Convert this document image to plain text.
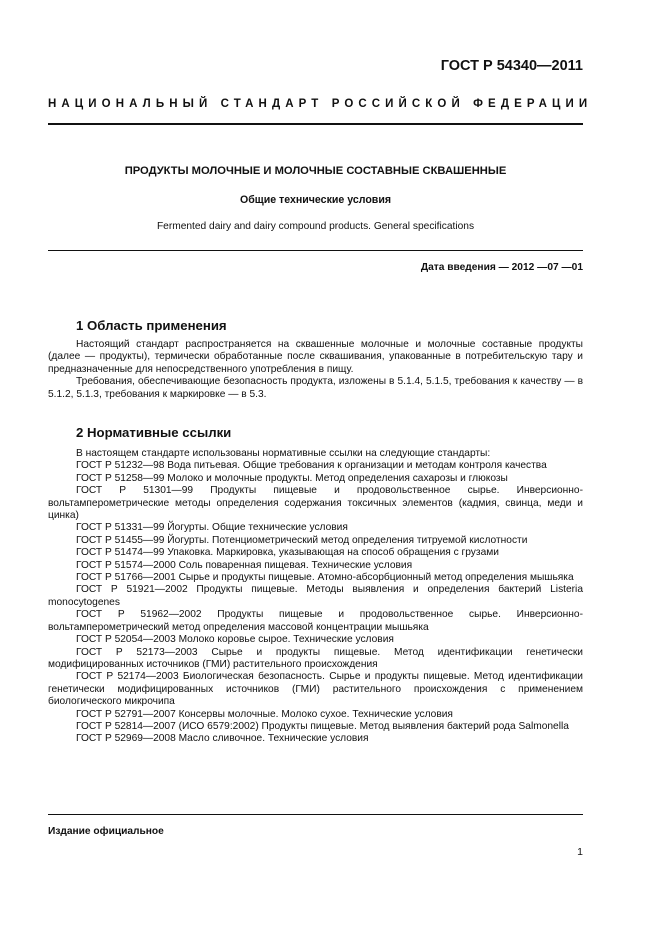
ГОСТ Р 54340—2011
НАЦИОНАЛЬНЫЙ СТАНДАРТ РОССИЙСКОЙ ФЕДЕРАЦИИ
ПРОДУКТЫ МОЛОЧНЫЕ И МОЛОЧНЫЕ СОСТАВНЫЕ СКВАШЕННЫЕ
Общие технические условия
Fermented dairy and dairy compound products. General specifications
Дата введения — 2012 —07 —01
1 Область применения

Настоящий стандарт распространяется на сквашенные молочные и молочные составные продукты (далее — продукты), термически обработанные после сквашивания, упакованные в потребительскую тару и предназначенные для непосредственного употребления в пищу.

Требования, обеспечивающие безопасность продукта, изложены в 5.1.4, 5.1.5, требования к качеству — в 5.1.2, 5.1.3, требования к маркировке — в 5.3.

2 Нормативные ссылки

В настоящем стандарте использованы нормативные ссылки на следующие стандарты:

ГОСТ Р 51232—98 Вода питьевая. Общие требования к организации и методам контроля качества

ГОСТ Р 51258—99 Молоко и молочные продукты. Метод определения сахарозы и глюкозы

ГОСТ Р 51301—99 Продукты пищевые и продовольственное сырье. Инверсионно-вольтамперометрические методы определения содержания токсичных элементов (кадмия, свинца, меди и цинка)

ГОСТ Р 51331—99 Йогурты. Общие технические условия

ГОСТ Р 51455—99 Йогурты. Потенциометрический метод определения титруемой кислотности

ГОСТ Р 51474—99 Упаковка. Маркировка, указывающая на способ обращения с грузами

ГОСТ Р 51574—2000 Соль поваренная пищевая. Технические условия

ГОСТ Р 51766—2001 Сырье и продукты пищевые. Атомно-абсорбционный метод определения мышьяка

ГОСТ Р 51921—2002 Продукты пищевые. Методы выявления и определения бактерий Listeria monocytogenes

ГОСТ Р 51962—2002 Продукты пищевые и продовольственное сырье. Инверсионно-вольтамперометрический метод определения массовой концентрации мышьяка

ГОСТ Р 52054—2003 Молоко коровье сырое. Технические условия

ГОСТ Р 52173—2003 Сырье и продукты пищевые. Метод идентификации генетически модифицированных источников (ГМИ) растительного происхождения

ГОСТ Р 52174—2003 Биологическая безопасность. Сырье и продукты пищевые. Метод идентификации генетически модифицированных источников (ГМИ) растительного происхождения с применением биологического микрочипа

ГОСТ Р 52791—2007 Консервы молочные. Молоко сухое. Технические условия

ГОСТ Р 52814—2007 (ИСО 6579:2002) Продукты пищевые. Метод выявления бактерий рода Salmonella

ГОСТ Р 52969—2008 Масло сливочное. Технические условия

Издание официальное
1
